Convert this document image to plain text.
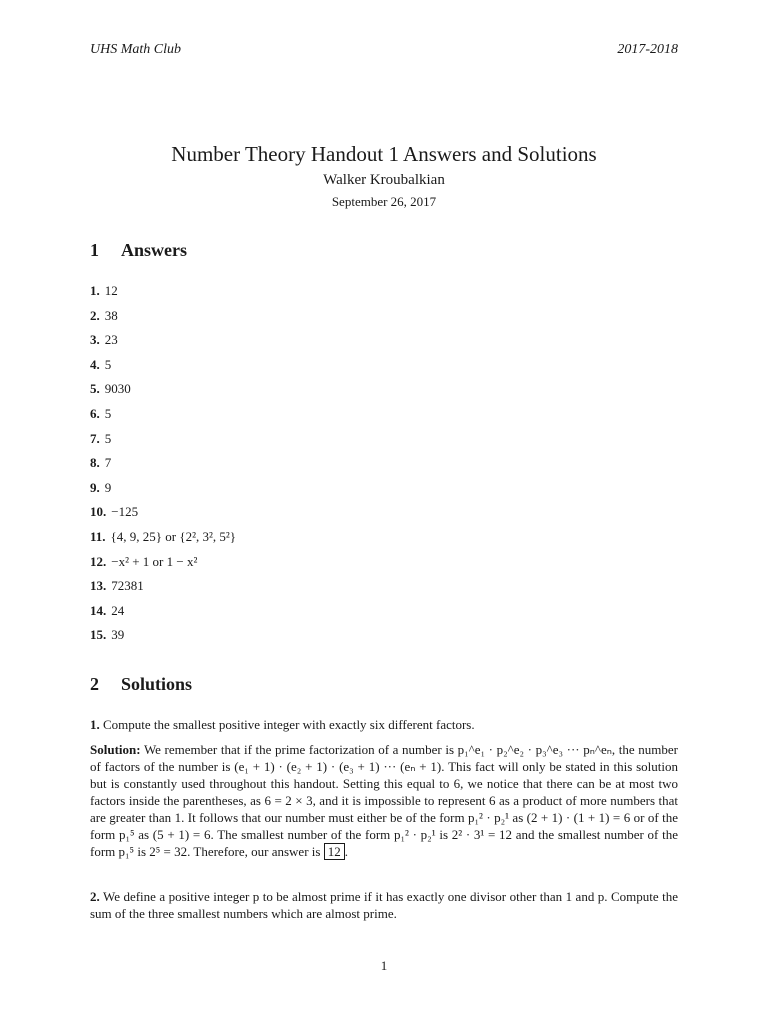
UHS Math Club	2017-2018
Number Theory Handout 1 Answers and Solutions
Walker Kroubalkian
September 26, 2017
1 Answers
1. 12
2. 38
3. 23
4. 5
5. 9030
6. 5
7. 5
8. 7
9. 9
10. −125
11. {4, 9, 25} or {2², 3², 5²}
12. −x² + 1 or 1 − x²
13. 72381
14. 24
15. 39
2 Solutions
1. Compute the smallest positive integer with exactly six different factors.
Solution: We remember that if the prime factorization of a number is p₁^e₁ · p₂^e₂ · p₃^e₃ ··· pₙ^eₙ, the number of factors of the number is (e₁ + 1) · (e₂ + 1) · (e₃ + 1) ··· (eₙ + 1). This fact will only be stated in this solution but is constantly used throughout this handout. Setting this equal to 6, we notice that there can be at most two factors inside the parentheses, as 6 = 2 × 3, and it is impossible to represent 6 as a product of more numbers that are greater than 1. It follows that our number must either be of the form p₁² · p₂¹ as (2 + 1) · (1 + 1) = 6 or of the form p₁⁵ as (5 + 1) = 6. The smallest number of the form p₁² · p₂¹ is 2² · 3¹ = 12 and the smallest number of the form p₁⁵ is 2⁵ = 32. Therefore, our answer is 12 .
2. We define a positive integer p to be almost prime if it has exactly one divisor other than 1 and p. Compute the sum of the three smallest numbers which are almost prime.
1
